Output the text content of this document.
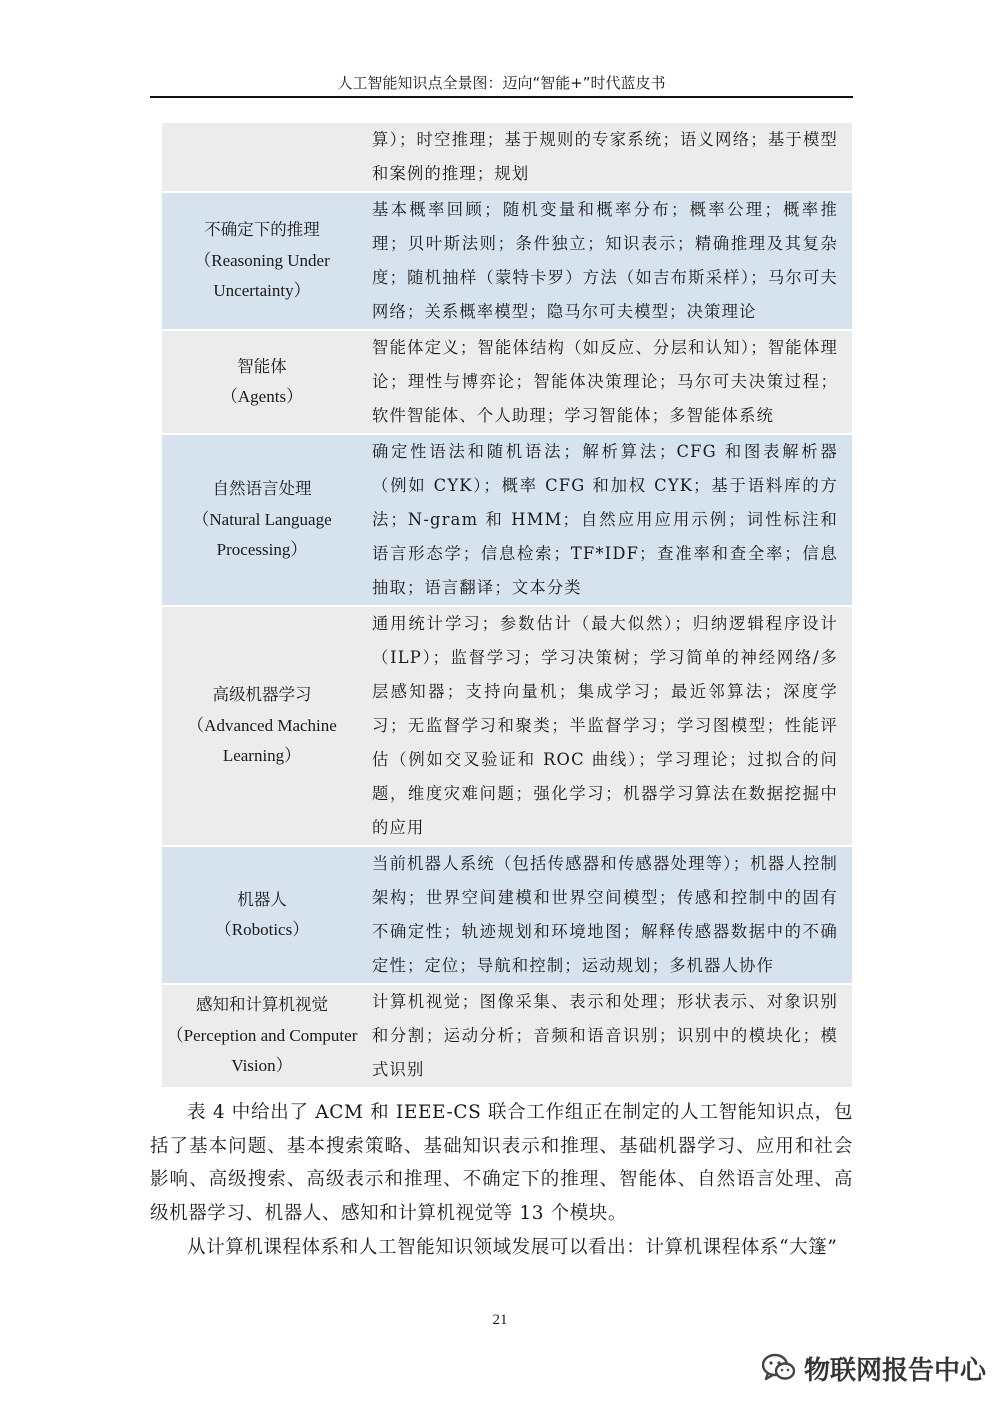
人工智能知识点全景图：迈向“智能+”时代蓝皮书

	算）；时空推理；基于规则的专家系统；语义网络；基于模型和案例的推理；规划

不确定下的推理
（Reasoning Under Uncertainty）	基本概率回顾；随机变量和概率分布；概率公理；概率推理；贝叶斯法则；条件独立；知识表示；精确推理及其复杂度；随机抽样（蒙特卡罗）方法（如吉布斯采样）；马尔可夫网络；关系概率模型；隐马尔可夫模型；决策理论

智能体
（Agents）	智能体定义；智能体结构（如反应、分层和认知）；智能体理论；理性与博弈论；智能体决策理论；马尔可夫决策过程；软件智能体、个人助理；学习智能体；多智能体系统

自然语言处理
（Natural Language Processing）	确定性语法和随机语法；解析算法；CFG 和图表解析器（例如 CYK）；概率 CFG 和加权 CYK；基于语料库的方法；N-gram 和 HMM；自然应用应用示例；词性标注和语言形态学；信息检索；TF*IDF；查准率和查全率；信息抽取；语言翻译；文本分类

高级机器学习
（Advanced Machine Learning）	通用统计学习；参数估计（最大似然）；归纳逻辑程序设计（ILP）；监督学习；学习决策树；学习简单的神经网络/多层感知器；支持向量机；集成学习；最近邻算法；深度学习；无监督学习和聚类；半监督学习；学习图模型；性能评估（例如交叉验证和 ROC 曲线）；学习理论；过拟合的问题，维度灾难问题；强化学习；机器学习算法在数据挖掘中的应用

机器人
（Robotics）	当前机器人系统（包括传感器和传感器处理等）；机器人控制架构；世界空间建模和世界空间模型；传感和控制中的固有不确定性；轨迹规划和环境地图；解释传感器数据中的不确定性；定位；导航和控制；运动规划；多机器人协作

感知和计算机视觉
（Perception and Computer Vision）	计算机视觉；图像采集、表示和处理；形状表示、对象识别和分割；运动分析；音频和语音识别；识别中的模块化；模式识别

表 4 中给出了 ACM 和 IEEE-CS 联合工作组正在制定的人工智能知识点，包括了基本问题、基本搜索策略、基础知识表示和推理、基础机器学习、应用和社会影响、高级搜索、高级表示和推理、不确定下的推理、智能体、自然语言处理、高级机器学习、机器人、感知和计算机视觉等 13 个模块。

从计算机课程体系和人工智能知识领域发展可以看出：计算机课程体系“大篷”

21
物联网报告中心
